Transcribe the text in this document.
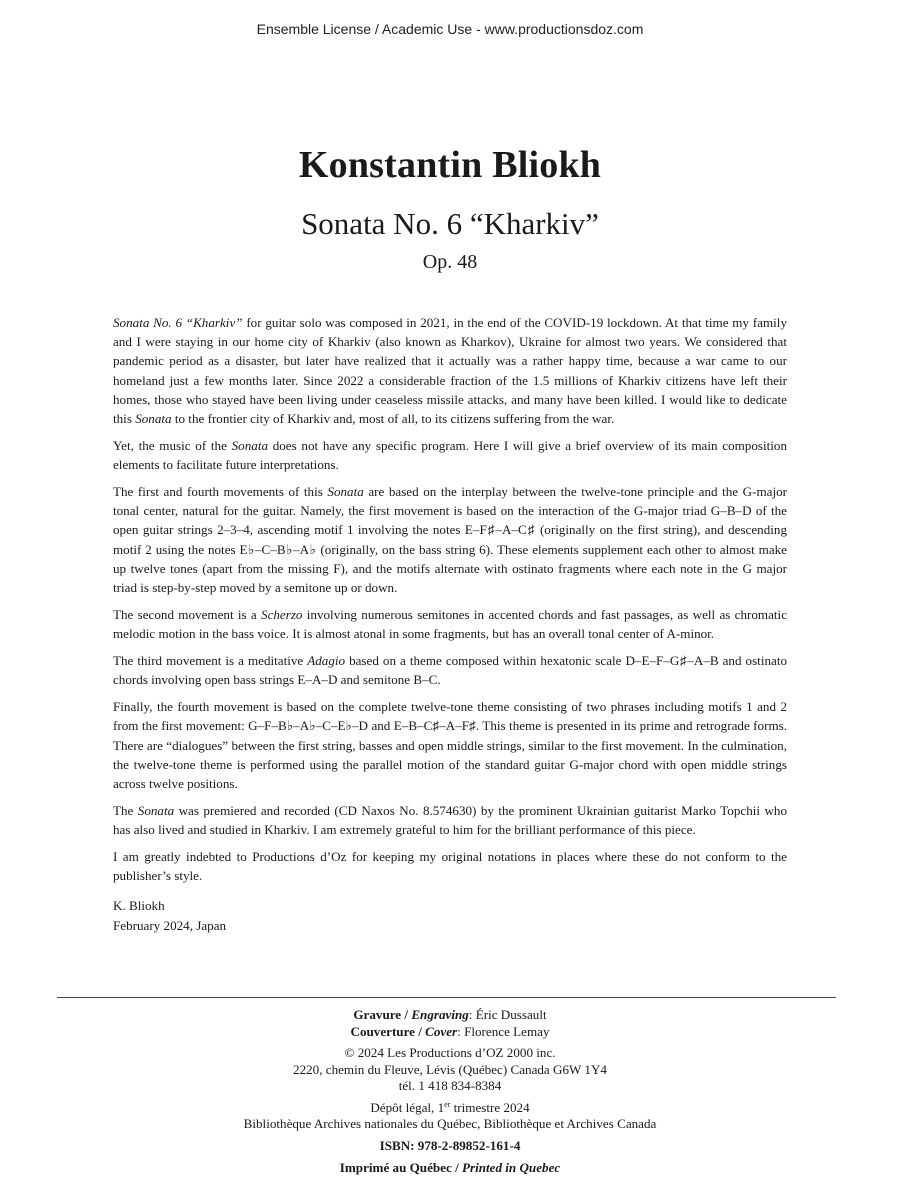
Ensemble License / Academic Use - www.productionsdoz.com
Konstantin Bliokh
Sonata No. 6 “Kharkiv”
Op. 48

Sonata No. 6 “Kharkiv” for guitar solo was composed in 2021, in the end of the COVID-19 lockdown. At that time my family and I were staying in our home city of Kharkiv (also known as Kharkov), Ukraine for almost two years. We considered that pandemic period as a disaster, but later have realized that it actually was a rather happy time, because a war came to our homeland just a few months later. Since 2022 a considerable fraction of the 1.5 millions of Kharkiv citizens have left their homes, those who stayed have been living under ceaseless missile attacks, and many have been killed. I would like to dedicate this Sonata to the frontier city of Kharkiv and, most of all, to its citizens suffering from the war.

Yet, the music of the Sonata does not have any specific program. Here I will give a brief overview of its main composition elements to facilitate future interpretations.

The first and fourth movements of this Sonata are based on the interplay between the twelve-tone principle and the G-major tonal center, natural for the guitar. Namely, the first movement is based on the interaction of the G-major triad G–B–D of the open guitar strings 2–3–4, ascending motif 1 involving the notes E–F♯–A–C♯ (originally on the first string), and descending motif 2 using the notes E♭–C–B♭–A♭ (originally, on the bass string 6). These elements supplement each other to almost make up twelve tones (apart from the missing F), and the motifs alternate with ostinato fragments where each note in the G major triad is step-by-step moved by a semitone up or down.

The second movement is a Scherzo involving numerous semitones in accented chords and fast passages, as well as chromatic melodic motion in the bass voice. It is almost atonal in some fragments, but has an overall tonal center of A-minor.

The third movement is a meditative Adagio based on a theme composed within hexatonic scale D–E–F–G♯–A–B and ostinato chords involving open bass strings E–A–D and semitone B–C.

Finally, the fourth movement is based on the complete twelve-tone theme consisting of two phrases including motifs 1 and 2 from the first movement: G–F–B♭–A♭–C–E♭–D and E–B–C♯–A–F♯. This theme is presented in its prime and retrograde forms. There are “dialogues” between the first string, basses and open middle strings, similar to the first movement. In the culmination, the twelve-tone theme is performed using the parallel motion of the standard guitar G-major chord with open middle strings across twelve positions.

The Sonata was premiered and recorded (CD Naxos No. 8.574630) by the prominent Ukrainian guitarist Marko Topchii who has also lived and studied in Kharkiv. I am extremely grateful to him for the brilliant performance of this piece.

I am greatly indebted to Productions d’Oz for keeping my original notations in places where these do not conform to the publisher’s style.

K. Bliokh
February 2024, Japan
Gravure / Engraving: Éric Dussault
Couverture / Cover: Florence Lemay
© 2024 Les Productions d’OZ 2000 inc.
2220, chemin du Fleuve, Lévis (Québec) Canada G6W 1Y4
tél. 1 418 834-8384
Dépôt légal, 1er trimestre 2024
Bibliothèque Archives nationales du Québec, Bibliothèque et Archives Canada
ISBN: 978-2-89852-161-4
Imprimé au Québec / Printed in Quebec
